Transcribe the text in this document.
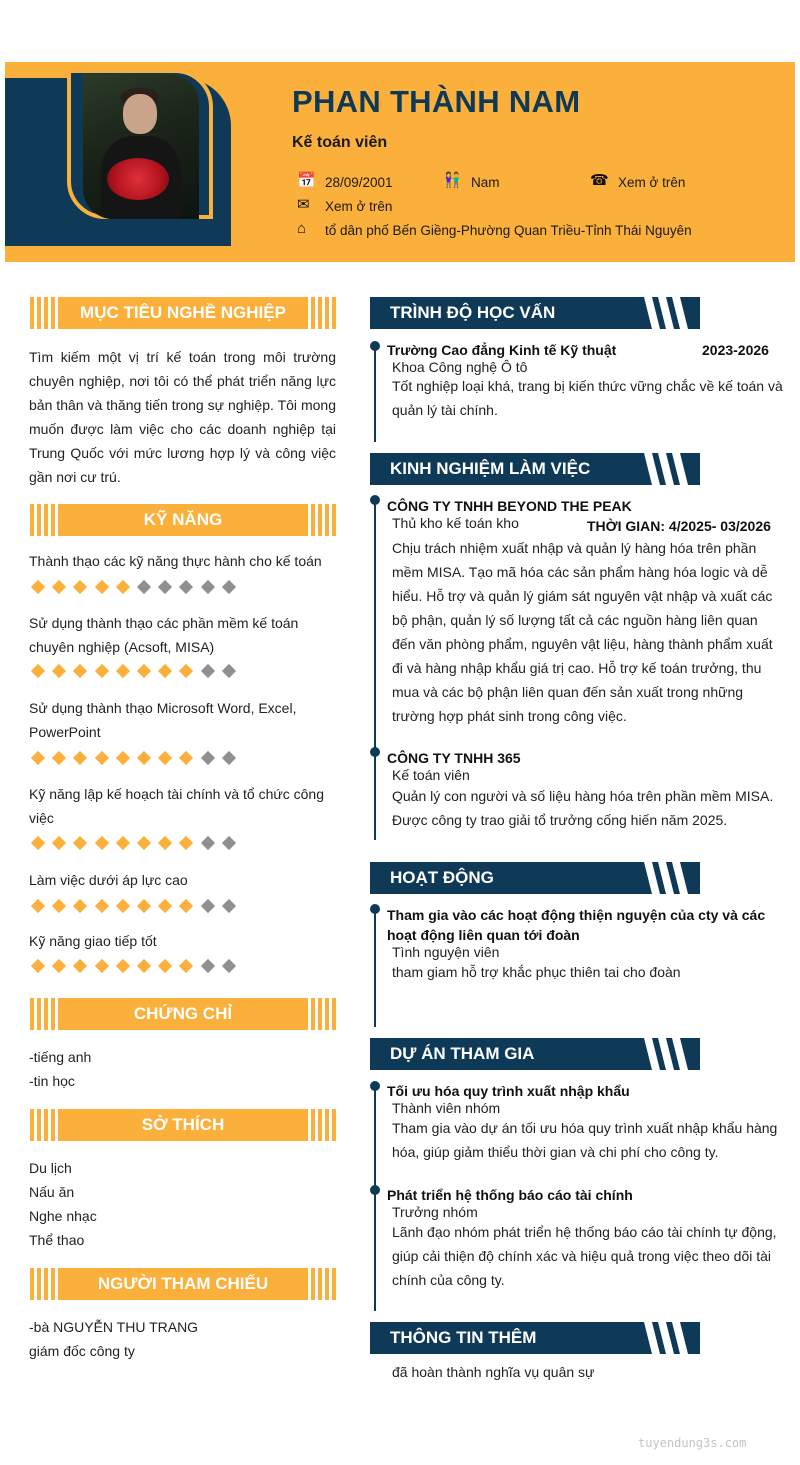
PHAN THÀNH NAM
Kế toán viên
📅 28/09/2001	👫 Nam	☎ Xem ở trên
✉	Xem ở trên
⌂	tổ dân phố Bến Giềng-Phường Quan Triều-Tỉnh Thái Nguyên
MỤC TIÊU NGHỀ NGHIỆP
Tìm kiếm một vị trí kế toán trong môi trường chuyên nghiệp, nơi tôi có thể phát triển năng lực bản thân và thăng tiến trong sự nghiệp. Tôi mong muốn được làm việc cho các doanh nghiệp tại Trung Quốc với mức lương hợp lý và công việc gần nơi cư trú.
KỸ NĂNG
Thành thạo các kỹ năng thực hành cho kế toán
Sử dụng thành thạo các phần mềm kế toán chuyên nghiệp (Acsoft, MISA)
Sử dụng thành thạo Microsoft Word, Excel, PowerPoint
Kỹ năng lập kế hoạch tài chính và tổ chức công việc
Làm việc dưới áp lực cao
Kỹ năng giao tiếp tốt
CHỨNG CHỈ
-tiếng anh
-tin học
SỞ THÍCH
Du lịch
Nấu ăn
Nghe nhạc
Thể thao
NGƯỜI THAM CHIẾU
-bà NGUYỄN THU TRANG
giám đốc công ty
TRÌNH ĐỘ HỌC VẤN
Trường Cao đẳng Kinh tế Kỹ thuật	2023-2026
Khoa Công nghệ Ô tô
Tốt nghiệp loại khá, trang bị kiến thức vững chắc về kế toán và quản lý tài chính.
KINH NGHIỆM LÀM VIỆC
CÔNG TY TNHH BEYOND THE PEAK
Thủ kho kế toán kho	THỜI GIAN: 4/2025- 03/2026
Chịu trách nhiệm xuất nhập và quản lý hàng hóa trên phần mềm MISA. Tạo mã hóa các sản phẩm hàng hóa logic và dễ hiểu. Hỗ trợ và quản lý giám sát nguyên vật nhập và xuất các bộ phận, quản lý số lượng tất cả các nguồn hàng liên quan đến văn phòng phẩm, nguyên vật liệu, hàng thành phẩm xuất đi và hàng nhập khẩu giá trị cao. Hỗ trợ kế toán trưởng, thu mua và các bộ phận liên quan đến sản xuất trong những trường hợp phát sinh trong công việc.
CÔNG TY TNHH 365
Kế toán viên
Quản lý con người và số liệu hàng hóa trên phần mềm MISA. Được công ty trao giải tổ trưởng cống hiến năm 2025.
HOẠT ĐỘNG
Tham gia vào các hoạt động thiện nguyện của cty và các
hoạt động liên quan tới đoàn
Tình nguyện viên
tham giam hỗ trợ khắc phục thiên tai cho đoàn
DỰ ÁN THAM GIA
Tối ưu hóa quy trình xuất nhập khẩu
Thành viên nhóm
Tham gia vào dự án tối ưu hóa quy trình xuất nhập khẩu hàng hóa, giúp giảm thiểu thời gian và chi phí cho công ty.
Phát triển hệ thống báo cáo tài chính
Trưởng nhóm
Lãnh đạo nhóm phát triển hệ thống báo cáo tài chính tự động, giúp cải thiện độ chính xác và hiệu quả trong việc theo dõi tài chính của công ty.
THÔNG TIN THÊM
đã hoàn thành nghĩa vụ quân sự
tuyendung3s.com
